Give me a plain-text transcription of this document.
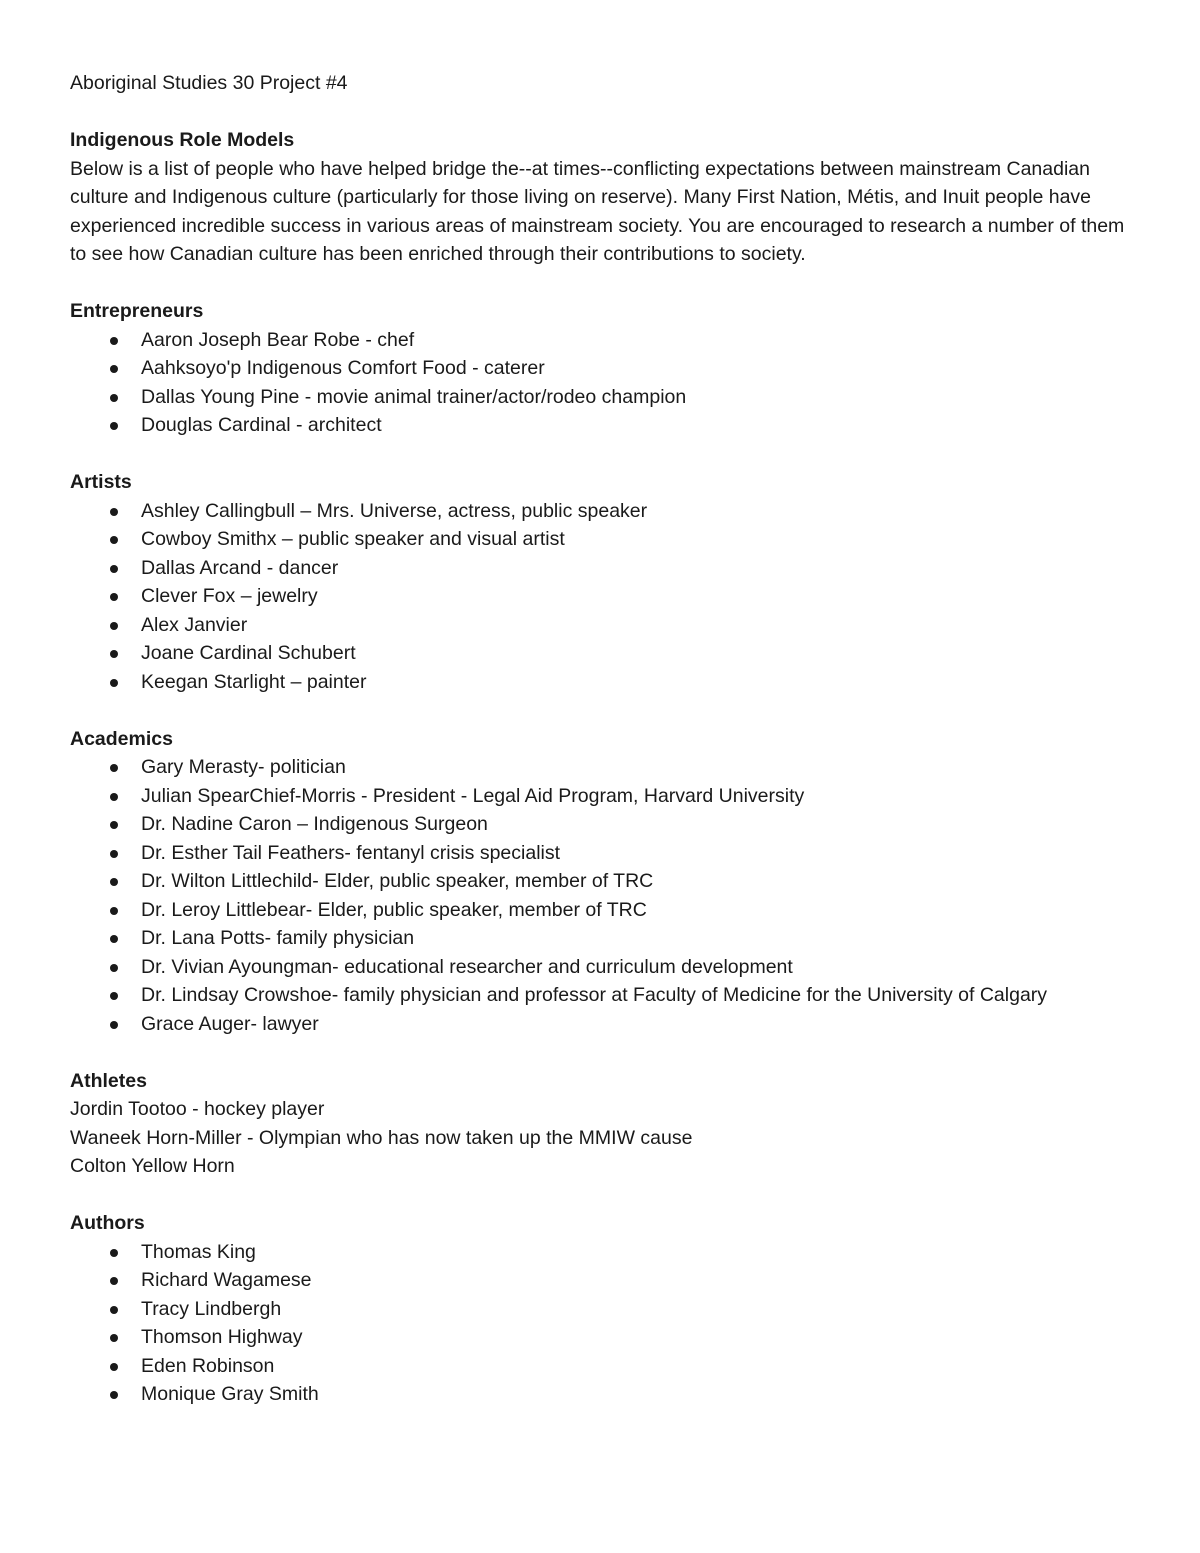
Aboriginal Studies 30 Project #4
Indigenous Role Models

Below is a list of people who have helped bridge the--at times--conflicting expectations between mainstream Canadian culture and Indigenous culture (particularly for those living on reserve). Many First Nation, Métis, and Inuit people have experienced incredible success in various areas of mainstream society. You are encouraged to research a number of them to see how Canadian culture has been enriched through their contributions to society.

Entrepreneurs
Aaron Joseph Bear Robe - chef
Aahksoyo'p Indigenous Comfort Food - caterer
Dallas Young Pine - movie animal trainer/actor/rodeo champion
Douglas Cardinal - architect
Artists
Ashley Callingbull – Mrs. Universe, actress, public speaker
Cowboy Smithx – public speaker and visual artist
Dallas Arcand - dancer
Clever Fox – jewelry
Alex Janvier
Joane Cardinal Schubert
Keegan Starlight – painter
Academics
Gary Merasty- politician
Julian SpearChief-Morris - President - Legal Aid Program, Harvard University
Dr. Nadine Caron – Indigenous Surgeon
Dr. Esther Tail Feathers- fentanyl crisis specialist
Dr. Wilton Littlechild- Elder, public speaker, member of TRC
Dr. Leroy Littlebear- Elder, public speaker, member of TRC
Dr. Lana Potts- family physician
Dr. Vivian Ayoungman- educational researcher and curriculum development
Dr. Lindsay Crowshoe- family physician and professor at Faculty of Medicine for the University of Calgary
Grace Auger- lawyer
Athletes
Jordin Tootoo - hockey player
Waneek Horn-Miller - Olympian who has now taken up the MMIW cause
Colton Yellow Horn
Authors
Thomas King
Richard Wagamese
Tracy Lindbergh
Thomson Highway
Eden Robinson
Monique Gray Smith
